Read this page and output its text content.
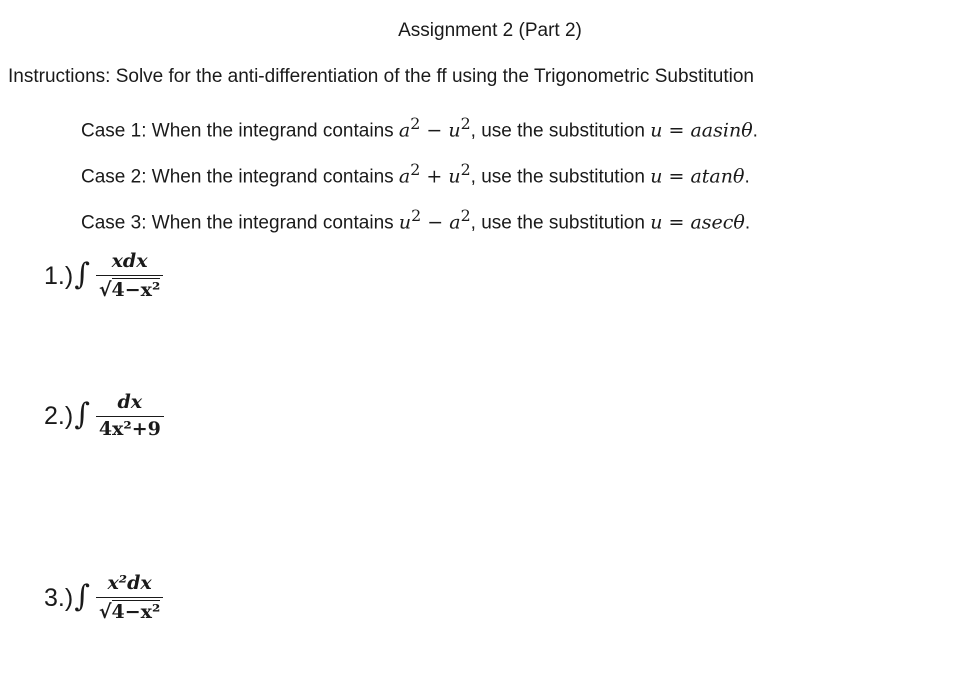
Assignment 2 (Part 2)
Instructions: Solve for the anti-differentiation of the ff using the Trigonometric Substitution
Case 1: When the integrand contains $a^2 - u^2$, use the substitution u = aasinθ.
Case 2: When the integrand contains $a^2 + u^2$, use the substitution u = atanθ.
Case 3: When the integrand contains $u^2 - a^2$, use the substitution u = asecθ.
1.) ∫ $\frac{\text{xdx}}{\text{√ 4−x²}}$
2.) ∫ $\frac{dx}{\text{4x²+9}}$
3.) ∫ $\frac{\text{x²dx}}{\text{√ 4−x²}}$
